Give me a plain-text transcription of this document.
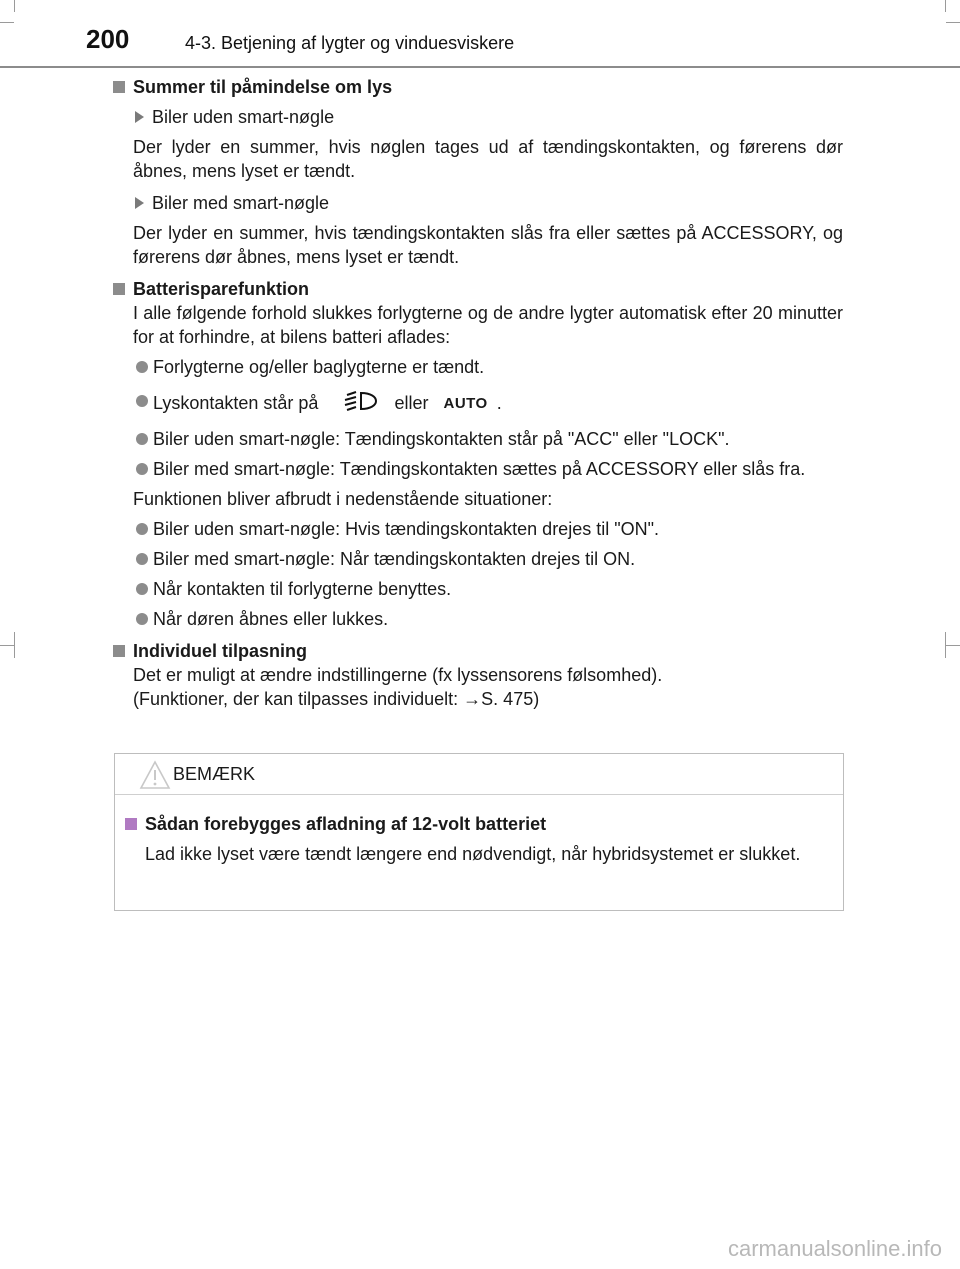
200	4-3. Betjening af lygter og vinduesviskere
Summer til påmindelse om lys
Biler uden smart-nøgle
Der lyder en summer, hvis nøglen tages ud af tændingskontakten, og førerens dør åbnes, mens lyset er tændt.
Biler med smart-nøgle
Der lyder en summer, hvis tændingskontakten slås fra eller sættes på ACCESSORY, og førerens dør åbnes, mens lyset er tændt.
Batterisparefunktion
I alle følgende forhold slukkes forlygterne og de andre lygter automatisk efter 20 minutter for at forhindre, at bilens batteri aflades:
Forlygterne og/eller baglygterne er tændt.
Lyskontakten står på	eller AUTO .
Biler uden smart-nøgle: Tændingskontakten står på "ACC" eller "LOCK".
Biler med smart-nøgle: Tændingskontakten sættes på ACCESSORY eller slås fra.
Funktionen bliver afbrudt i nedenstående situationer:
Biler uden smart-nøgle: Hvis tændingskontakten drejes til "ON".
Biler med smart-nøgle: Når tændingskontakten drejes til ON.
Når kontakten til forlygterne benyttes.
Når døren åbnes eller lukkes.
Individuel tilpasning
Det er muligt at ændre indstillingerne (fx lyssensorens følsomhed).
(Funktioner, der kan tilpasses individuelt: →S. 475)
BEMÆRK
Sådan forebygges afladning af 12-volt batteriet
Lad ikke lyset være tændt længere end nødvendigt, når hybridsystemet er slukket.
carmanualsonline.info
